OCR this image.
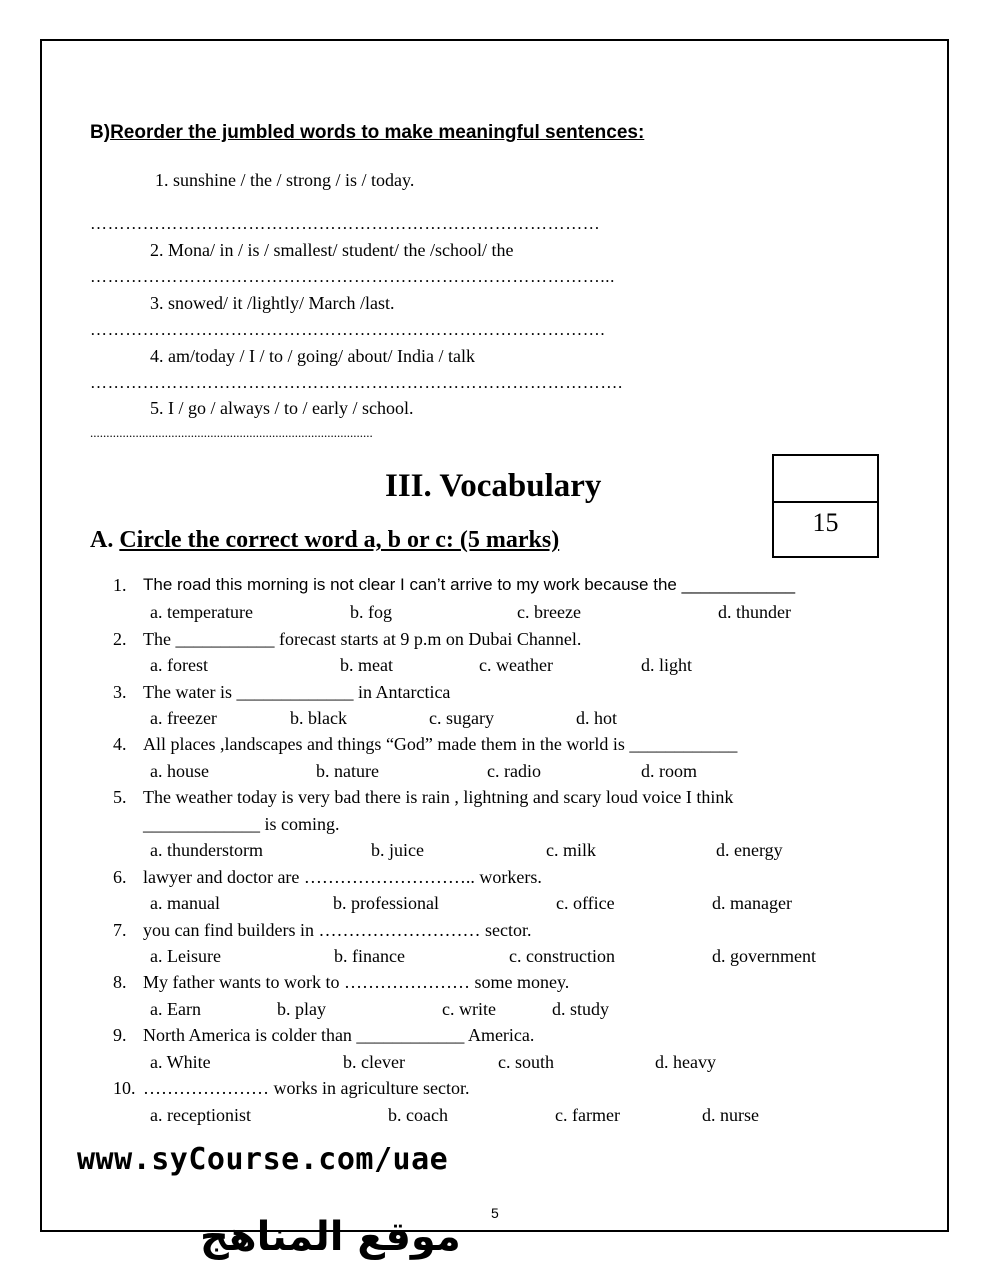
B)Reorder the jumbled words to make meaningful sentences:
1. sunshine / the / strong / is / today.
……………………………………………………………………………
2. Mona/ in / is / smallest/ student/ the /school/ the
……………………………………………………………………………...
3. snowed/ it /lightly/ March /last.
…………………………………………………………………………….
4. am/today / I / to / going/ about/ India / talk
……………………………………………………………………………….
5. I / go / always / to / early / school.
.......................................................................................
III. Vocabulary
15
A. Circle the correct word a, b or c: (5 marks)
1. The road this morning is not clear I can’t arrive to my work because the ____________
a. temperature	b. fog	c. breeze	d. thunder
2. The ___________ forecast starts at 9 p.m on Dubai Channel.
a. forest	b. meat	c. weather	d. light
3. The water is _____________ in Antarctica
a. freezer	b. black	c. sugary	d. hot
4. All places ,landscapes and things “God” made them in the world is ____________
a. house	b. nature	c. radio	d. room
5. The weather today is very bad there is rain , lightning and scary loud voice I think
_____________ is coming.
a. thunderstorm	b. juice	c. milk	d. energy
6. lawyer and doctor are ……………………….. workers.
a. manual	b. professional	c. office	d. manager
7. you can find builders in ……………………… sector.
a. Leisure	b. finance	c. construction	d. government
8. My father wants to work to ………………… some money.
a. Earn	b. play	c. write	d. study
9. North America is colder than ____________ America.
a. White	b. clever	c. south	d. heavy
10. ………………… works in agriculture sector.
a. receptionist	b. coach	c. farmer	d. nurse
www.syCourse.com/uae
5
موقع المناهج
